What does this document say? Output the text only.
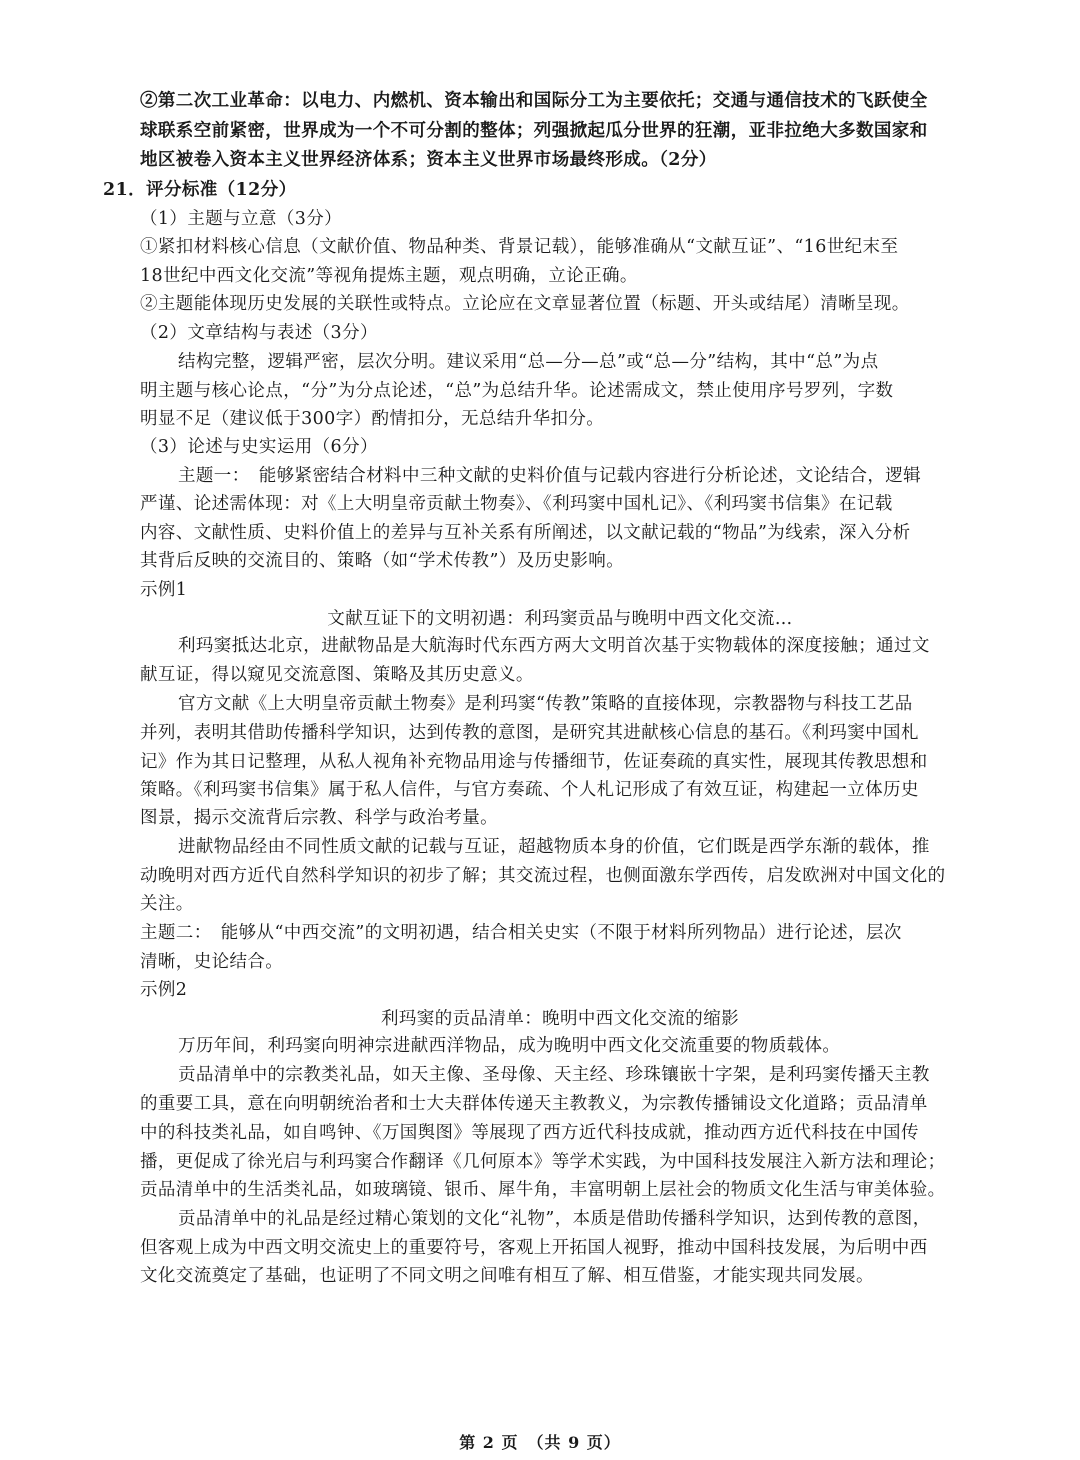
②第二次工业革命：以电力、内燃机、资本输出和国际分工为主要依托；交通与通信技术的飞跃使全
球联系空前紧密，世界成为一个不可分割的整体；列强掀起瓜分世界的狂潮，亚非拉绝大多数国家和
地区被卷入资本主义世界经济体系；资本主义世界市场最终形成。（2分）
21．评分标准（12分）
（1）主题与立意（3分）
①紧扣材料核心信息（文献价值、物品种类、背景记载），能够准确从“文献互证”、“16世纪末至
18世纪中西文化交流”等视角提炼主题，观点明确，立论正确。
②主题能体现历史发展的关联性或特点。立论应在文章显著位置（标题、开头或结尾）清晰呈现。
（2）文章结构与表述（3分）
结构完整，逻辑严密，层次分明。建议采用“总—分—总”或“总—分”结构，其中“总”为点
明主题与核心论点，“分”为分点论述，“总”为总结升华。论述需成文，禁止使用序号罗列，字数
明显不足（建议低于300字）酌情扣分，无总结升华扣分。
（3）论述与史实运用（6分）
主题一：　能够紧密结合材料中三种文献的史料价值与记载内容进行分析论述，文论结合，逻辑
严谨、论述需体现：对《上大明皇帝贡献土物奏》、《利玛窦中国札记》、《利玛窦书信集》在记载
内容、文献性质、史料价值上的差异与互补关系有所阐述，以文献记载的“物品”为线索，深入分析
其背后反映的交流目的、策略（如“学术传教”）及历史影响。
示例1
文献互证下的文明初遇：利玛窦贡品与晚明中西文化交流…
利玛窦抵达北京，进献物品是大航海时代东西方两大文明首次基于实物载体的深度接触；通过文
献互证，得以窥见交流意图、策略及其历史意义。
官方文献《上大明皇帝贡献土物奏》是利玛窦“传教”策略的直接体现，宗教器物与科技工艺品
并列，表明其借助传播科学知识，达到传教的意图，是研究其进献核心信息的基石。《利玛窦中国札
记》作为其日记整理，从私人视角补充物品用途与传播细节，佐证奏疏的真实性，展现其传教思想和
策略。《利玛窦书信集》属于私人信件，与官方奏疏、个人札记形成了有效互证，构建起一立体历史
图景，揭示交流背后宗教、科学与政治考量。
进献物品经由不同性质文献的记载与互证，超越物质本身的价值，它们既是西学东渐的载体，推
动晚明对西方近代自然科学知识的初步了解；其交流过程，也侧面激东学西传，启发欧洲对中国文化的
关注。
主题二：　能够从“中西交流”的文明初遇，结合相关史实（不限于材料所列物品）进行论述，层次
清晰，史论结合。
示例2
利玛窦的贡品清单：晚明中西文化交流的缩影
万历年间，利玛窦向明神宗进献西洋物品，成为晚明中西文化交流重要的物质载体。
贡品清单中的宗教类礼品，如天主像、圣母像、天主经、珍珠镶嵌十字架，是利玛窦传播天主教
的重要工具，意在向明朝统治者和士大夫群体传递天主教教义，为宗教传播铺设文化道路；贡品清单
中的科技类礼品，如自鸣钟、《万国舆图》等展现了西方近代科技成就，推动西方近代科技在中国传
播，更促成了徐光启与利玛窦合作翻译《几何原本》等学术实践，为中国科技发展注入新方法和理论；
贡品清单中的生活类礼品，如玻璃镜、银币、犀牛角，丰富明朝上层社会的物质文化生活与审美体验。
贡品清单中的礼品是经过精心策划的文化“礼物”，本质是借助传播科学知识，达到传教的意图，
但客观上成为中西文明交流史上的重要符号，客观上开拓国人视野，推动中国科技发展，为后明中西
文化交流奠定了基础，也证明了不同文明之间唯有相互了解、相互借鉴，才能实现共同发展。
第 2 页　（共 9 页）
